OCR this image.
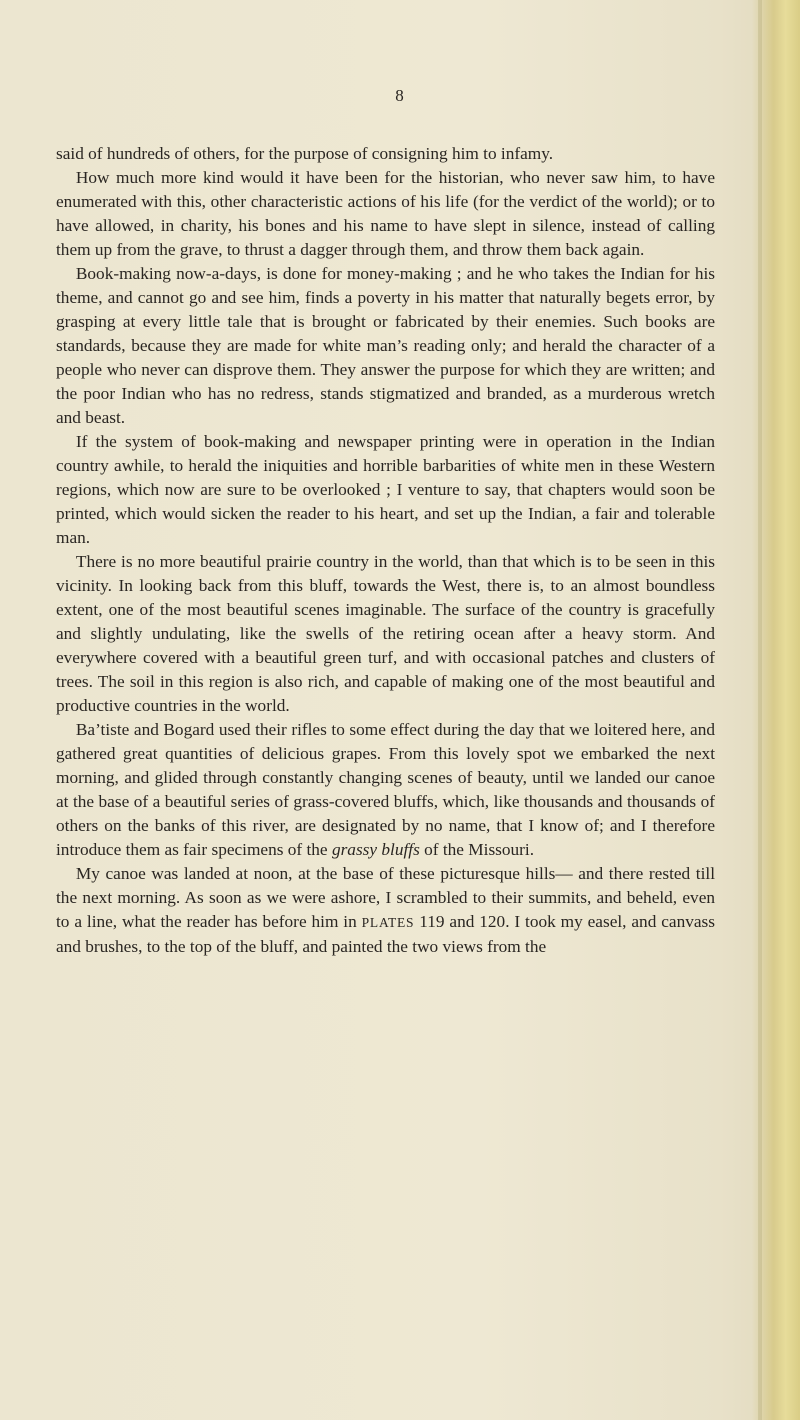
8

said of hundreds of others, for the purpose of consigning him to infamy.

How much more kind would it have been for the historian, who never saw him, to have enumerated with this, other characteristic actions of his life (for the verdict of the world); or to have allowed, in charity, his bones and his name to have slept in silence, instead of calling them up from the grave, to thrust a dagger through them, and throw them back again.

Book-making now-a-days, is done for money-making ; and he who takes the Indian for his theme, and cannot go and see him, finds a poverty in his matter that naturally begets error, by grasping at every little tale that is brought or fabricated by their enemies. Such books are standards, because they are made for white man’s reading only; and herald the character of a people who never can disprove them. They answer the purpose for which they are written; and the poor Indian who has no redress, stands stigmatized and branded, as a murderous wretch and beast.

If the system of book-making and newspaper printing were in operation in the Indian country awhile, to herald the iniquities and horrible barbarities of white men in these Western regions, which now are sure to be overlooked ; I venture to say, that chapters would soon be printed, which would sicken the reader to his heart, and set up the Indian, a fair and tolerable man.

There is no more beautiful prairie country in the world, than that which is to be seen in this vicinity. In looking back from this bluff, towards the West, there is, to an almost boundless extent, one of the most beautiful scenes imaginable. The surface of the country is gracefully and slightly undulating, like the swells of the retiring ocean after a heavy storm. And everywhere covered with a beautiful green turf, and with occasional patches and clusters of trees. The soil in this region is also rich, and capable of making one of the most beautiful and productive countries in the world.

Ba’tiste and Bogard used their rifles to some effect during the day that we loitered here, and gathered great quantities of delicious grapes. From this lovely spot we embarked the next morning, and glided through constantly changing scenes of beauty, until we landed our canoe at the base of a beautiful series of grass-covered bluffs, which, like thousands and thousands of others on the banks of this river, are designated by no name, that I know of; and I therefore introduce them as fair specimens of the grassy bluffs of the Missouri.

My canoe was landed at noon, at the base of these picturesque hills— and there rested till the next morning. As soon as we were ashore, I scrambled to their summits, and beheld, even to a line, what the reader has before him in PLATES 119 and 120. I took my easel, and canvass and brushes, to the top of the bluff, and painted the two views from the
